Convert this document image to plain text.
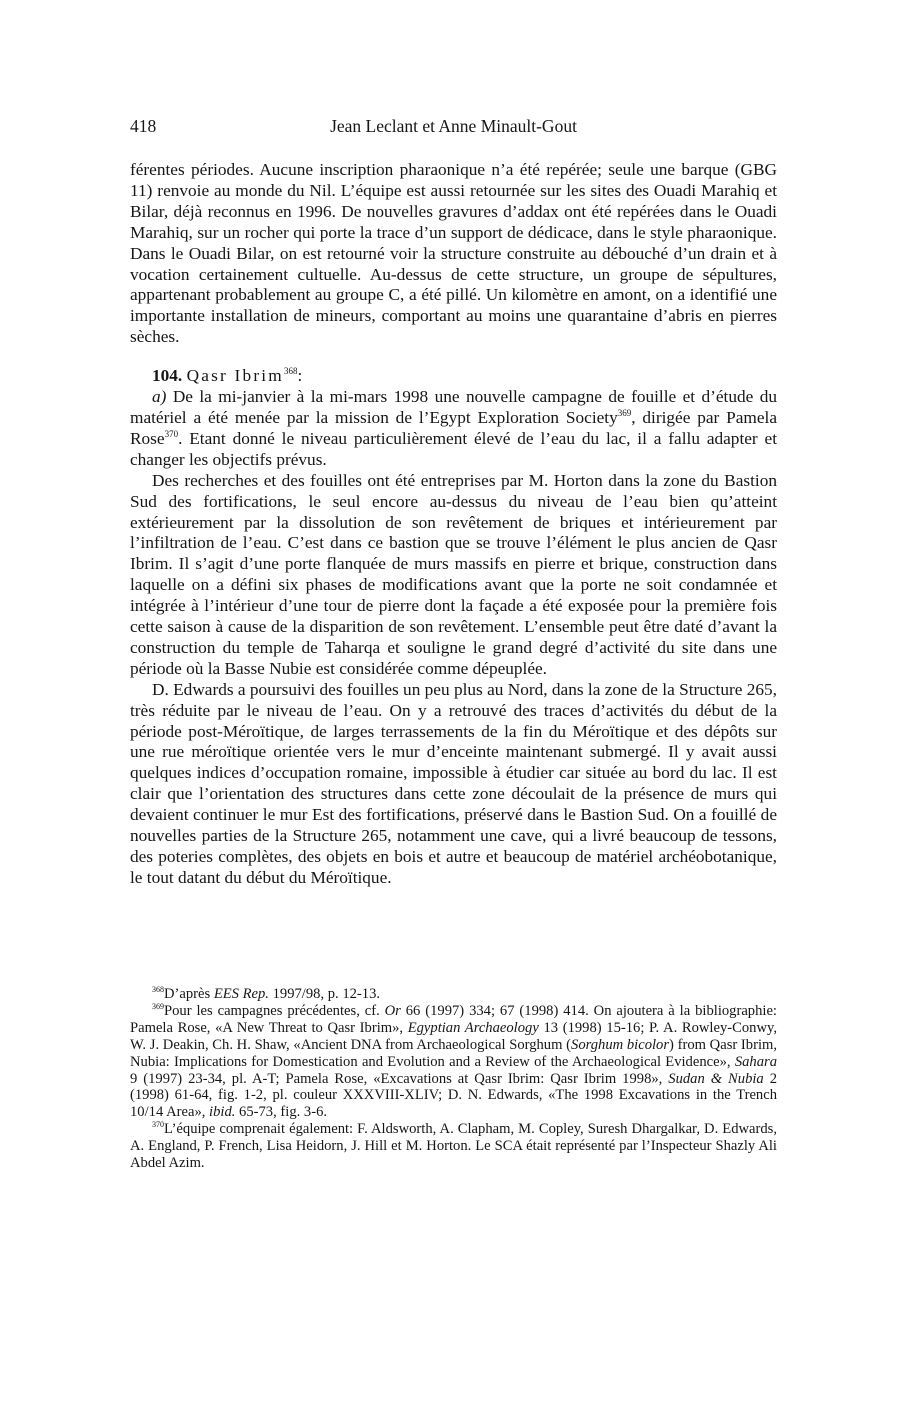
418	Jean Leclant et Anne Minault-Gout

férentes périodes. Aucune inscription pharaonique n’a été repérée; seule une barque (GBG 11) renvoie au monde du Nil. L’équipe est aussi retournée sur les sites des Ouadi Marahiq et Bilar, déjà reconnus en 1996. De nouvelles gravures d’addax ont été repérées dans le Ouadi Marahiq, sur un rocher qui porte la trace d’un support de dédicace, dans le style pharaonique. Dans le Ouadi Bilar, on est retourné voir la structure construite au débouché d’un drain et à vocation certainement cultuelle. Au-dessus de cette structure, un groupe de sépultures, appartenant probablement au groupe C, a été pillé. Un kilomètre en amont, on a identifié une importante installation de mineurs, comportant au moins une quarantaine d’abris en pierres sèches.

104. Qasr Ibrim$^{368}$:

a) De la mi-janvier à la mi-mars 1998 une nouvelle campagne de fouille et d’étude du matériel a été menée par la mission de l’Egypt Exploration Society$^{369}$, dirigée par Pamela Rose$^{370}$. Etant donné le niveau particulièrement élevé de l’eau du lac, il a fallu adapter et changer les objectifs prévus.

Des recherches et des fouilles ont été entreprises par M. Horton dans la zone du Bastion Sud des fortifications, le seul encore au-dessus du niveau de l’eau bien qu’atteint extérieurement par la dissolution de son revêtement de briques et intérieurement par l’infiltration de l’eau. C’est dans ce bastion que se trouve l’élément le plus ancien de Qasr Ibrim. Il s’agit d’une porte flanquée de murs massifs en pierre et brique, construction dans laquelle on a défini six phases de modifications avant que la porte ne soit condamnée et intégrée à l’intérieur d’une tour de pierre dont la façade a été exposée pour la première fois cette saison à cause de la disparition de son revêtement. L’ensemble peut être daté d’avant la construction du temple de Taharqa et souligne le grand degré d’activité du site dans une période où la Basse Nubie est considérée comme dépeuplée.

D. Edwards a poursuivi des fouilles un peu plus au Nord, dans la zone de la Structure 265, très réduite par le niveau de l’eau. On y a retrouvé des traces d’activités du début de la période post-Méroïtique, de larges terrassements de la fin du Méroïtique et des dépôts sur une rue méroïtique orientée vers le mur d’enceinte maintenant submergé. Il y avait aussi quelques indices d’occupation romaine, impossible à étudier car située au bord du lac. Il est clair que l’orientation des structures dans cette zone découlait de la présence de murs qui devaient continuer le mur Est des fortifications, préservé dans le Bastion Sud. On a fouillé de nouvelles parties de la Structure 265, notamment une cave, qui a livré beaucoup de tessons, des poteries complètes, des objets en bois et autre et beaucoup de matériel archéobotanique, le tout datant du début du Méroïtique.

$^{368}$D’après EES Rep. 1997/98, p. 12-13.

$^{369}$Pour les campagnes précédentes, cf. Or 66 (1997) 334; 67 (1998) 414. On ajoutera à la bibliographie: Pamela Rose, «A New Threat to Qasr Ibrim», Egyptian Archaeology 13 (1998) 15-16; P. A. Rowley-Conwy, W. J. Deakin, Ch. H. Shaw, «Ancient DNA from Archaeological Sorghum (Sorghum bicolor) from Qasr Ibrim, Nubia: Implications for Domestication and Evolution and a Review of the Archaeological Evidence», Sahara 9 (1997) 23-34, pl. A-T; Pamela Rose, «Excavations at Qasr Ibrim: Qasr Ibrim 1998», Sudan & Nubia 2 (1998) 61-64, fig. 1-2, pl. couleur XXXVIII-XLIV; D. N. Edwards, «The 1998 Excavations in the Trench 10/14 Area», ibid. 65-73, fig. 3-6.

$^{370}$L’équipe comprenait également: F. Aldsworth, A. Clapham, M. Copley, Suresh Dhargalkar, D. Edwards, A. England, P. French, Lisa Heidorn, J. Hill et M. Horton. Le SCA était représenté par l’Inspecteur Shazly Ali Abdel Azim.
